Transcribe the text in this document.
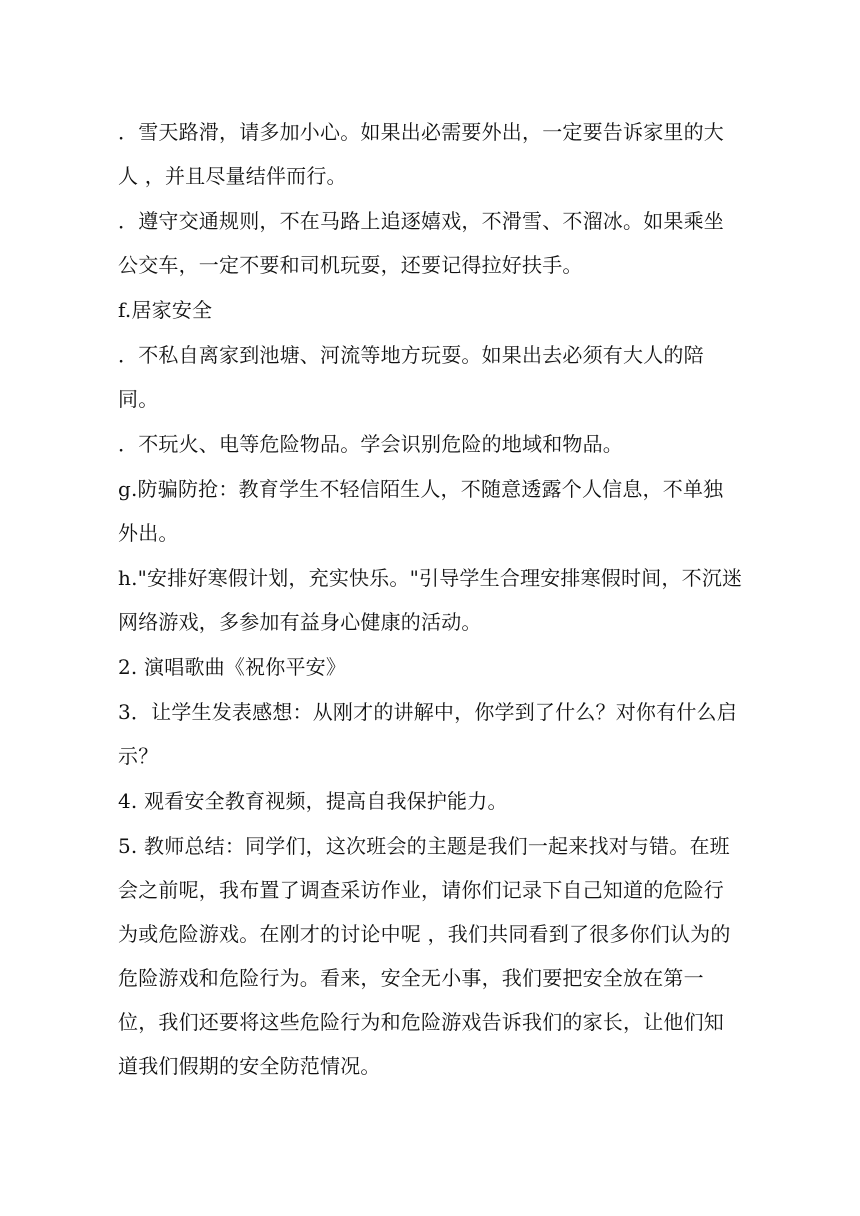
．雪天路滑，请多加小心。如果出必需要外出，一定要告诉家里的大人 ，并且尽量结伴而行。

．遵守交通规则，不在马路上追逐嬉戏，不滑雪、不溜冰。如果乘坐公交车，一定不要和司机玩耍，还要记得拉好扶手。

f.居家安全

．不私自离家到池塘、河流等地方玩耍。如果出去必须有大人的陪同。

．不玩火、电等危险物品。学会识别危险的地域和物品。

g.防骗防抢：教育学生不轻信陌生人，不随意透露个人信息，不单独外出。

h."安排好寒假计划，充实快乐。"引导学生合理安排寒假时间，不沉迷网络游戏，多参加有益身心健康的活动。

2. 演唱歌曲《祝你平安》

3．让学生发表感想：从刚才的讲解中，你学到了什么？对你有什么启示？

4. 观看安全教育视频，提高自我保护能力。

5. 教师总结：同学们，这次班会的主题是我们一起来找对与错。在班会之前呢，我布置了调查采访作业，请你们记录下自己知道的危险行为或危险游戏。在刚才的讨论中呢 ，我们共同看到了很多你们认为的危险游戏和危险行为。看来，安全无小事，我们要把安全放在第一位，我们还要将这些危险行为和危险游戏告诉我们的家长，让他们知道我们假期的安全防范情况。
